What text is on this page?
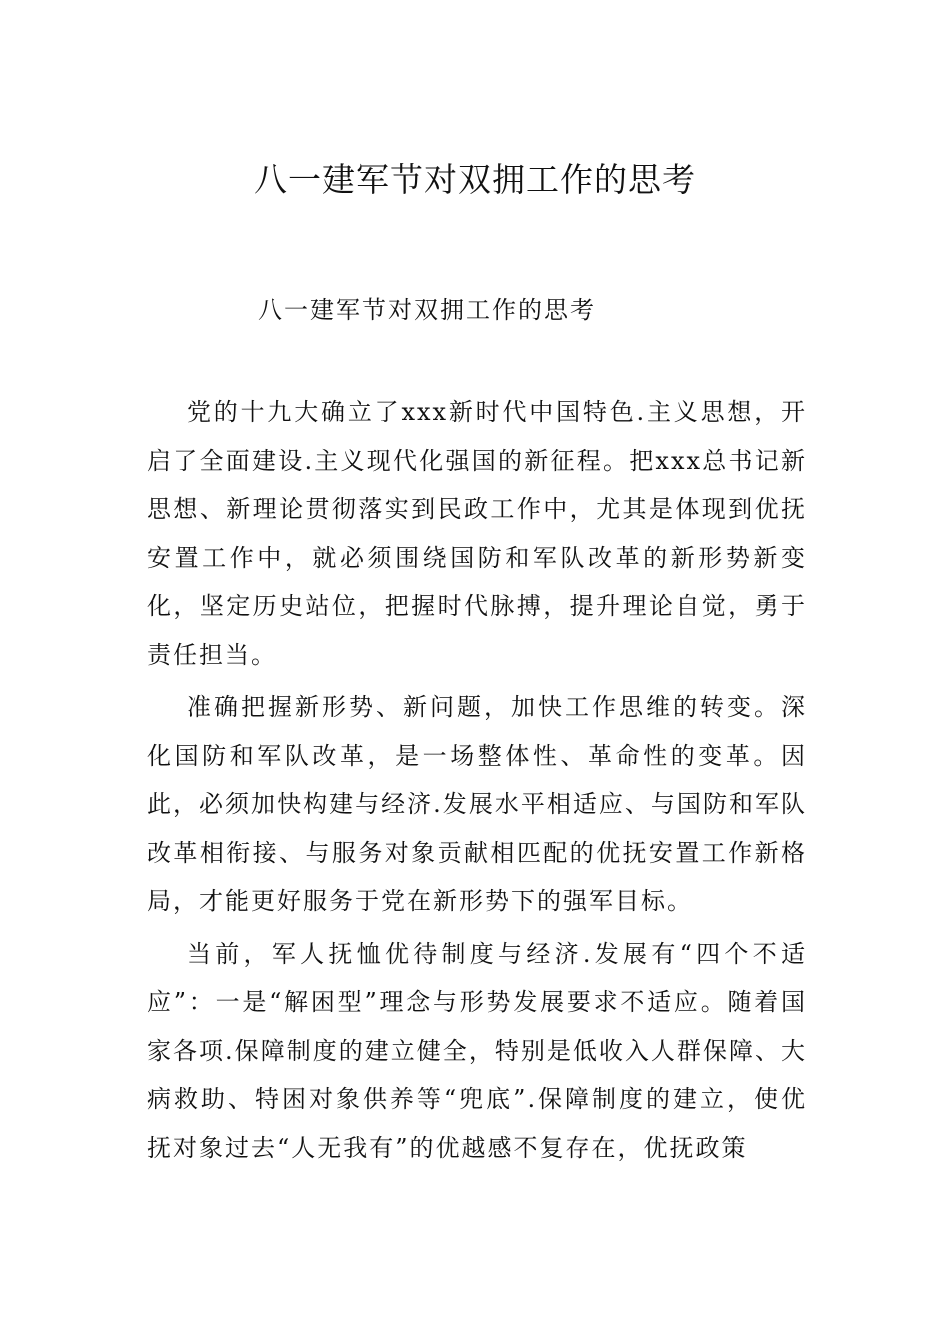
八一建军节对双拥工作的思考

八一建军节对双拥工作的思考

党的十九大确立了xxx新时代中国特色.主义思想，开启了全面建设.主义现代化强国的新征程。把xxx总书记新思想、新理论贯彻落实到民政工作中，尤其是体现到优抚安置工作中，就必须围绕国防和军队改革的新形势新变化，坚定历史站位，把握时代脉搏，提升理论自觉，勇于责任担当。

准确把握新形势、新问题，加快工作思维的转变。深化国防和军队改革，是一场整体性、革命性的变革。因此，必须加快构建与经济.发展水平相适应、与国防和军队改革相衔接、与服务对象贡献相匹配的优抚安置工作新格局，才能更好服务于党在新形势下的强军目标。

当前，军人抚恤优待制度与经济.发展有“四个不适应”：一是“解困型”理念与形势发展要求不适应。随着国家各项.保障制度的建立健全，特别是低收入人群保障、大病救助、特困对象供养等“兜底”.保障制度的建立，使优抚对象过去“人无我有”的优越感不复存在，优抚政策
